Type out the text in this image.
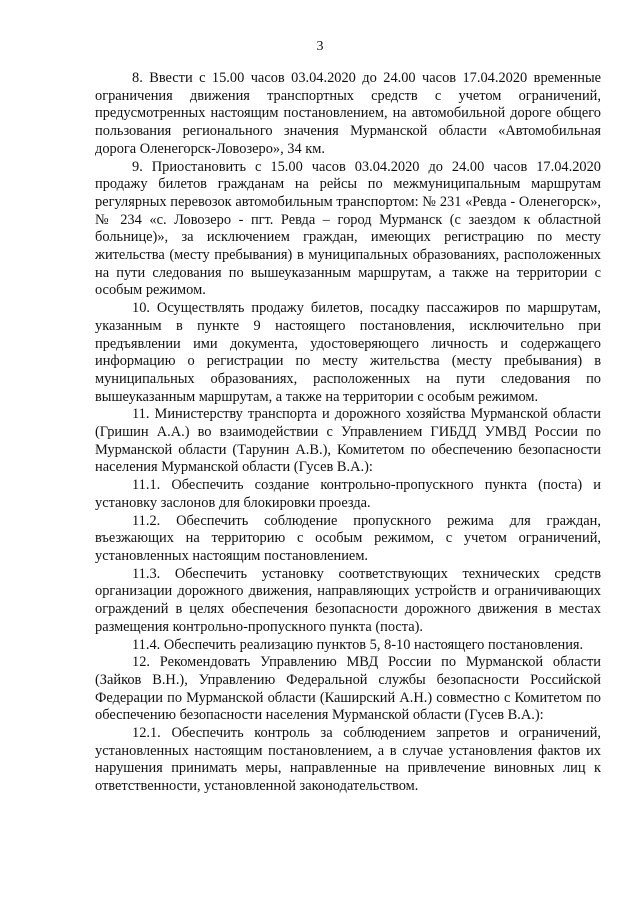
3

8. Ввести с 15.00 часов 03.04.2020 до 24.00 часов 17.04.2020 временные ограничения движения транспортных средств с учетом ограничений, предусмотренных настоящим постановлением, на автомобильной дороге общего пользования регионального значения Мурманской области «Автомобильная дорога Оленегорск-Ловозеро», 34 км.

9. Приостановить с 15.00 часов 03.04.2020 до 24.00 часов 17.04.2020 продажу билетов гражданам на рейсы по межмуниципальным маршрутам регулярных перевозок автомобильным транспортом: № 231 «Ревда - Оленегорск», № 234 «с. Ловозеро - пгт. Ревда – город Мурманск (с заездом к областной больнице)», за исключением граждан, имеющих регистрацию по месту жительства (месту пребывания) в муниципальных образованиях, расположенных на пути следования по вышеуказанным маршрутам, а также на территории с особым режимом.

10. Осуществлять продажу билетов, посадку пассажиров по маршрутам, указанным в пункте 9 настоящего постановления, исключительно при предъявлении ими документа, удостоверяющего личность и содержащего информацию о регистрации по месту жительства (месту пребывания) в муниципальных образованиях, расположенных на пути следования по вышеуказанным маршрутам, а также на территории с особым режимом.

11. Министерству транспорта и дорожного хозяйства Мурманской области (Гришин А.А.) во взаимодействии с Управлением ГИБДД УМВД России по Мурманской области (Тарунин А.В.), Комитетом по обеспечению безопасности населения Мурманской области (Гусев В.А.):

11.1. Обеспечить создание контрольно-пропускного пункта (поста) и установку заслонов для блокировки проезда.

11.2. Обеспечить соблюдение пропускного режима для граждан, въезжающих на территорию с особым режимом, с учетом ограничений, установленных настоящим постановлением.

11.3. Обеспечить установку соответствующих технических средств организации дорожного движения, направляющих устройств и ограничивающих ограждений в целях обеспечения безопасности дорожного движения в местах размещения контрольно-пропускного пункта (поста).

11.4. Обеспечить реализацию пунктов 5, 8-10 настоящего постановления.

12. Рекомендовать Управлению МВД России по Мурманской области (Зайков В.Н.), Управлению Федеральной службы безопасности Российской Федерации по Мурманской области (Каширский А.Н.) совместно с Комитетом по обеспечению безопасности населения Мурманской области (Гусев В.А.):

12.1. Обеспечить контроль за соблюдением запретов и ограничений, установленных настоящим постановлением, а в случае установления фактов их нарушения принимать меры, направленные на привлечение виновных лиц к ответственности, установленной законодательством.
